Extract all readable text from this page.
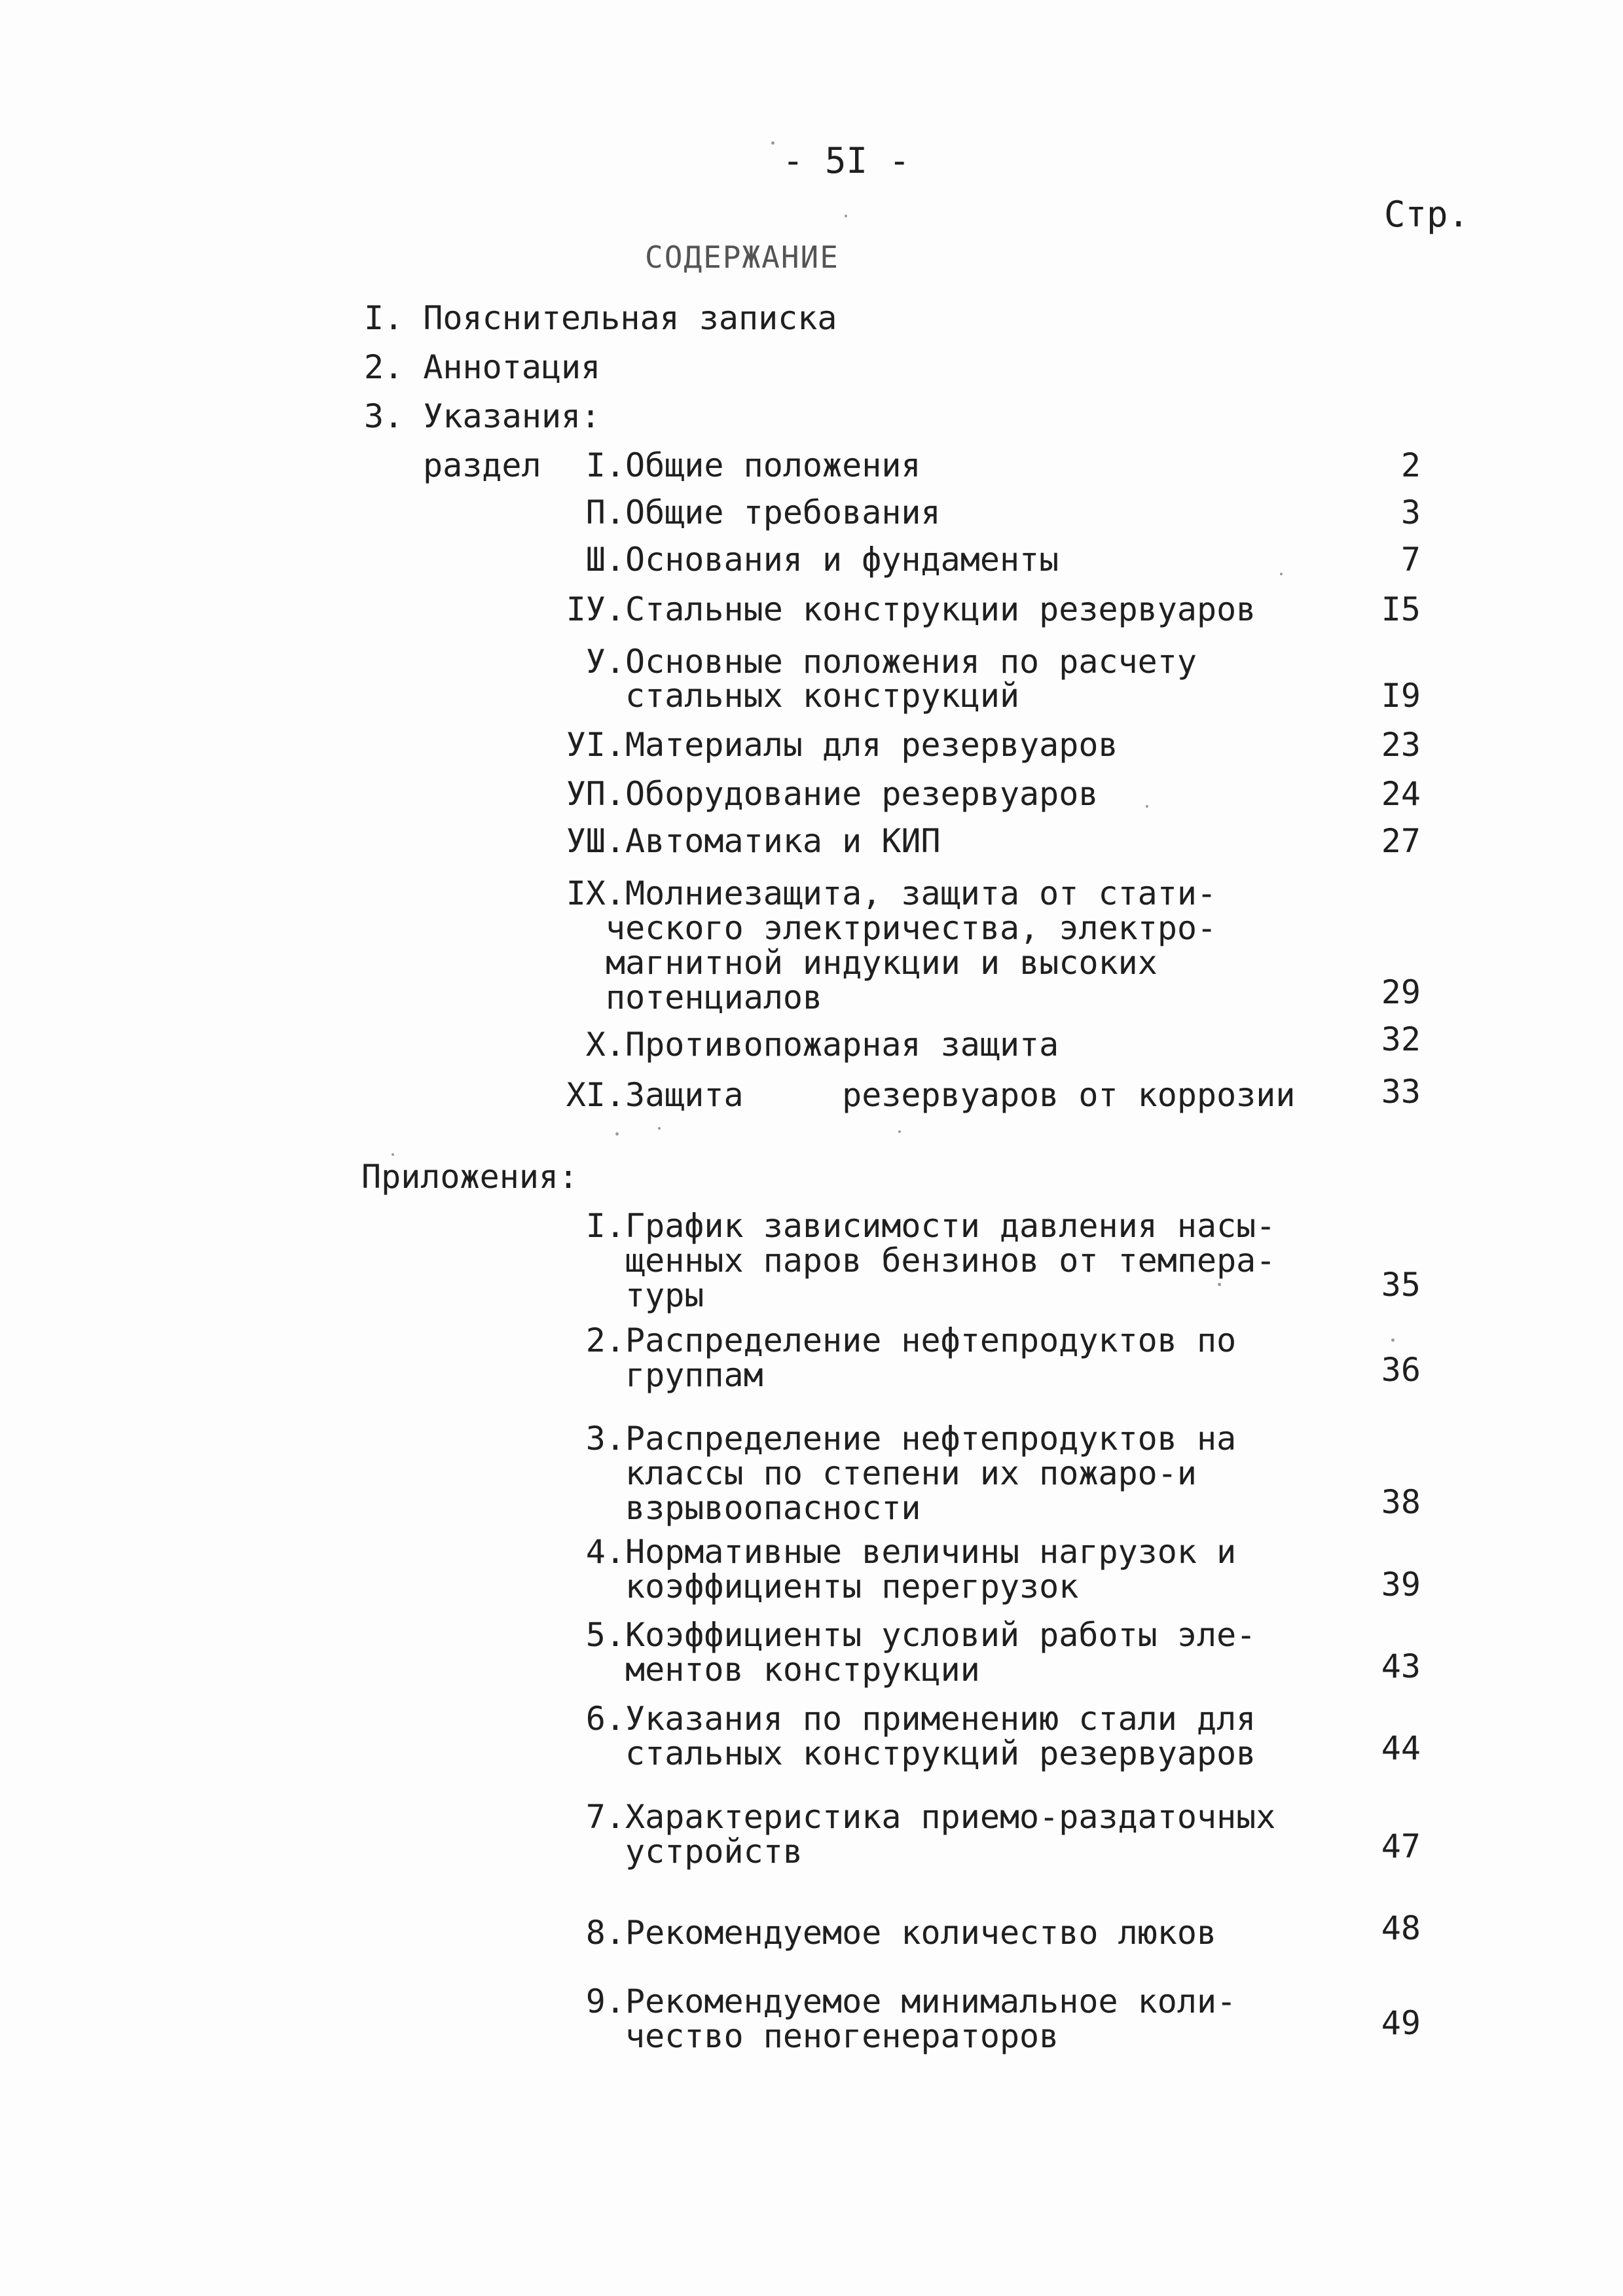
- 5I -
Стр.
СОДЕРЖАНИЕ
I. Пояснительная записка
2. Аннотация
3. Указания:
раздел	I. Общие положения	2
П. Общие требования	3
Ш. Основания и фундаменты	7
IУ. Стальные конструкции резервуаров	I5
У. Основные положения по расчету
стальных конструкций	I9
УI. Материалы для резервуаров	23
УП. Оборудование резервуаров	24
УШ. Автоматика и КИП	27
IX. Молниезащита, защита от стати-
ческого электричества, электро-
магнитной индукции и высоких
потенциалов	29
X. Противопожарная защита	32
XI. Защита     резервуаров от коррозии	33
Приложения:
I. График зависимости давления насы-
щенных паров бензинов от темпера-
туры	35
2. Распределение нефтепродуктов по
группам	36
3. Распределение нефтепродуктов на
классы по степени их пожаро-и
взрывоопасности	38
4. Нормативные величины нагрузок и
коэффициенты перегрузок	39
5. Коэффициенты условий работы эле-
ментов конструкции	43
6. Указания по применению стали для
стальных конструкций резервуаров	44
7. Характеристика приемо-раздаточных
устройств	47
8. Рекомендуемое количество люков	48
9. Рекомендуемое минимальное коли-
чество пеногенераторов	49
